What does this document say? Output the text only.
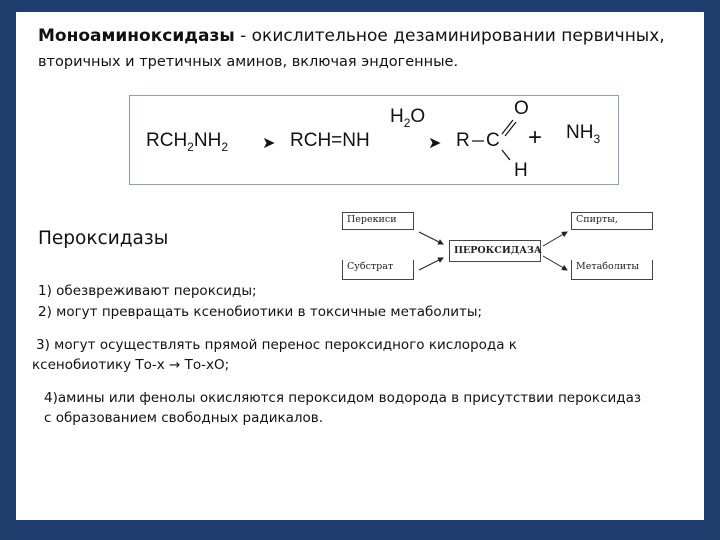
Моноаминоксидазы - окислительное дезаминировании первичных,
вторичных и третичных аминов, включая эндогенные.
$RCH_2NH_2$ ➤ RCH=NH
$H_2O$
➤ R C
O
H
+ $NH_3$
Перекиси	Спирты,
ПЕРОКСИДАЗА
Субстрат	Метаболиты
Пероксидазы
1) обезвреживают пероксиды;
2) могут превращать ксенобиотики в токсичные метаболиты;
3) могут осуществлять прямой перенос пероксидного кислорода к
ксенобиотику То-х → То-хО;
4)амины или фенолы окисляются пероксидом водорода в присутствии пероксидаз
с образованием свободных радикалов.
